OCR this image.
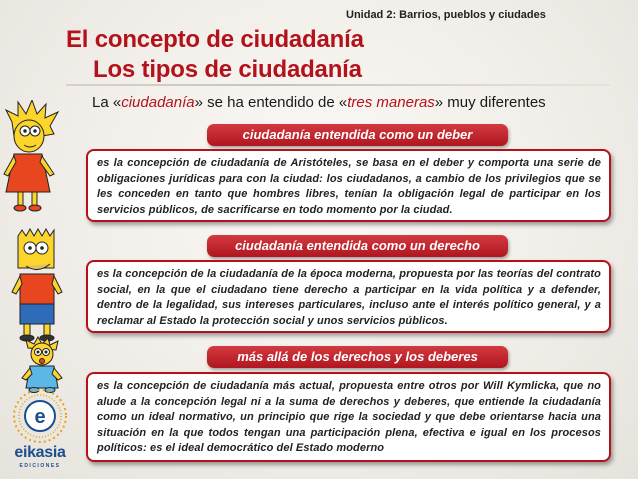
Unidad 2: Barrios, pueblos y ciudades
El concepto de ciudadanía
Los tipos de ciudadanía
La «ciudadanía» se ha entendido de «tres maneras» muy diferentes
ciudadanía entendida como un deber
es la concepción de ciudadanía de Aristóteles, se basa en el deber y comporta una serie de obligaciones jurídicas para con la ciudad: los ciudadanos, a cambio de los privilegios que se les conceden en tanto que hombres libres, tenían la obligación legal de participar en los servicios públicos, de sacrificarse en todo momento por la ciudad.
ciudadanía entendida como un derecho
es la concepción de la ciudadanía de la época moderna, propuesta por las teorías del contrato social, en la que el ciudadano tiene derecho a participar en la vida política y a defender, dentro de la legalidad, sus intereses particulares, incluso ante el interés político general, y a reclamar al Estado la protección social y unos servicios públicos.
más allá de los derechos y los deberes
es la concepción de ciudadanía más actual, propuesta entre otros por Will Kymlicka, que no alude a la concepción legal ni a la suma de derechos y deberes, que entiende la ciudadanía como un ideal normativo, un principio que rige la sociedad y que debe orientarse hacia una situación en la que todos tengan una participación plena, efectiva e igual en los procesos políticos: es el ideal democrático del Estado moderno
e
eikasia
EDICIONES
